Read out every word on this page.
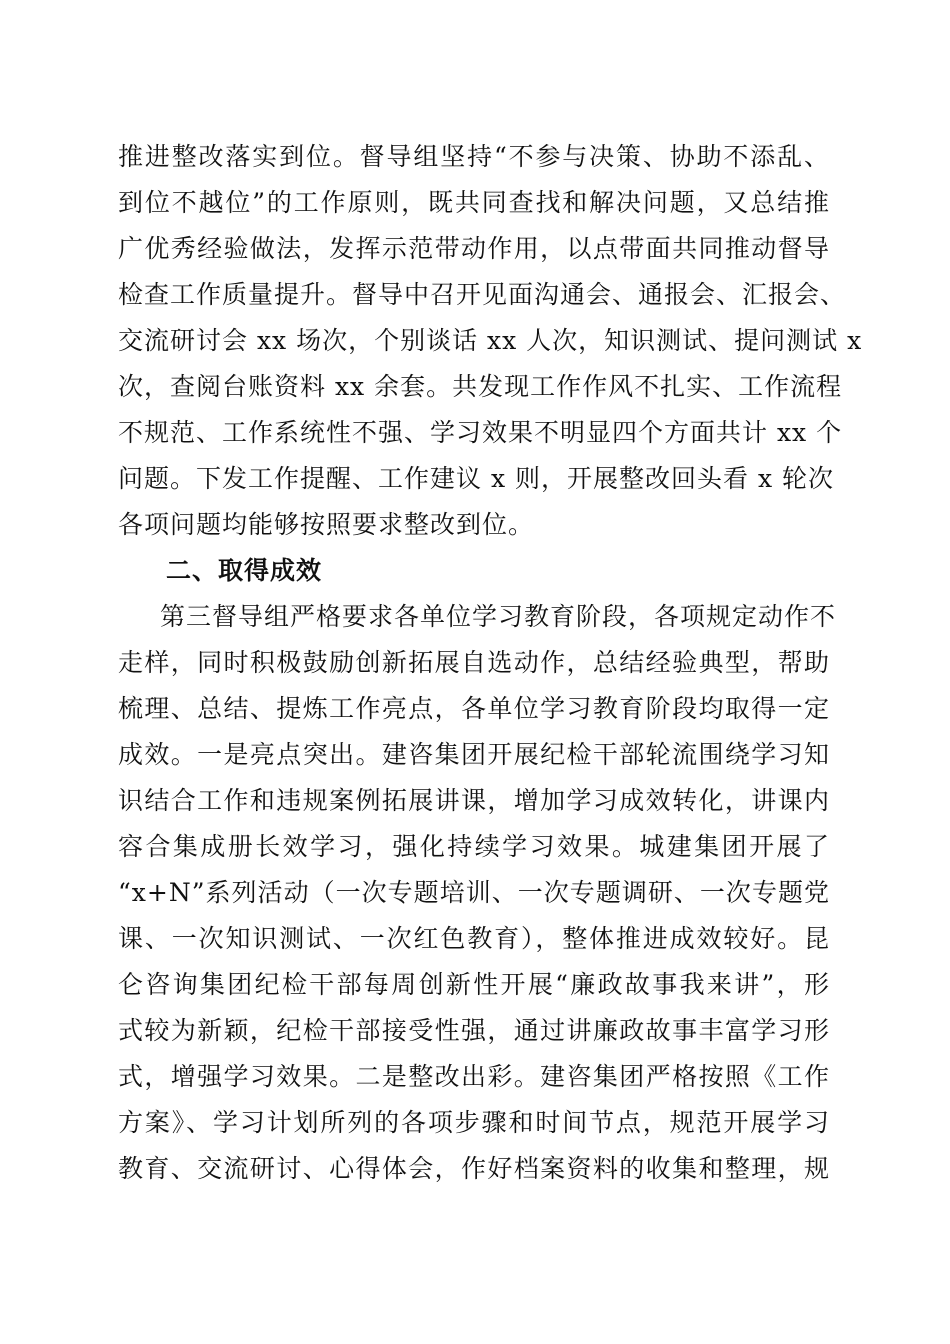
推进整改落实到位。督导组坚持“不参与决策、协助不添乱、
到位不越位”的工作原则，既共同查找和解决问题，又总结推
广优秀经验做法，发挥示范带动作用，以点带面共同推动督导
检查工作质量提升。督导中召开见面沟通会、通报会、汇报会、
交流研讨会 xx 场次，个别谈话 xx 人次，知识测试、提问测试 x
次，查阅台账资料 xx 余套。共发现工作作风不扎实、工作流程
不规范、工作系统性不强、学习效果不明显四个方面共计 xx 个
问题。下发工作提醒、工作建议 x 则，开展整改回头看 x 轮次
各项问题均能够按照要求整改到位。
二、取得成效
第三督导组严格要求各单位学习教育阶段，各项规定动作不
走样，同时积极鼓励创新拓展自选动作，总结经验典型，帮助
梳理、总结、提炼工作亮点，各单位学习教育阶段均取得一定
成效。一是亮点突出。建咨集团开展纪检干部轮流围绕学习知
识结合工作和违规案例拓展讲课，增加学习成效转化，讲课内
容合集成册长效学习，强化持续学习效果。城建集团开展了
“x+N”系列活动（一次专题培训、一次专题调研、一次专题党
课、一次知识测试、一次红色教育），整体推进成效较好。昆
仑咨询集团纪检干部每周创新性开展“廉政故事我来讲”，形
式较为新颖，纪检干部接受性强，通过讲廉政故事丰富学习形
式，增强学习效果。二是整改出彩。建咨集团严格按照《工作
方案》、学习计划所列的各项步骤和时间节点，规范开展学习
教育、交流研讨、心得体会，作好档案资料的收集和整理，规
